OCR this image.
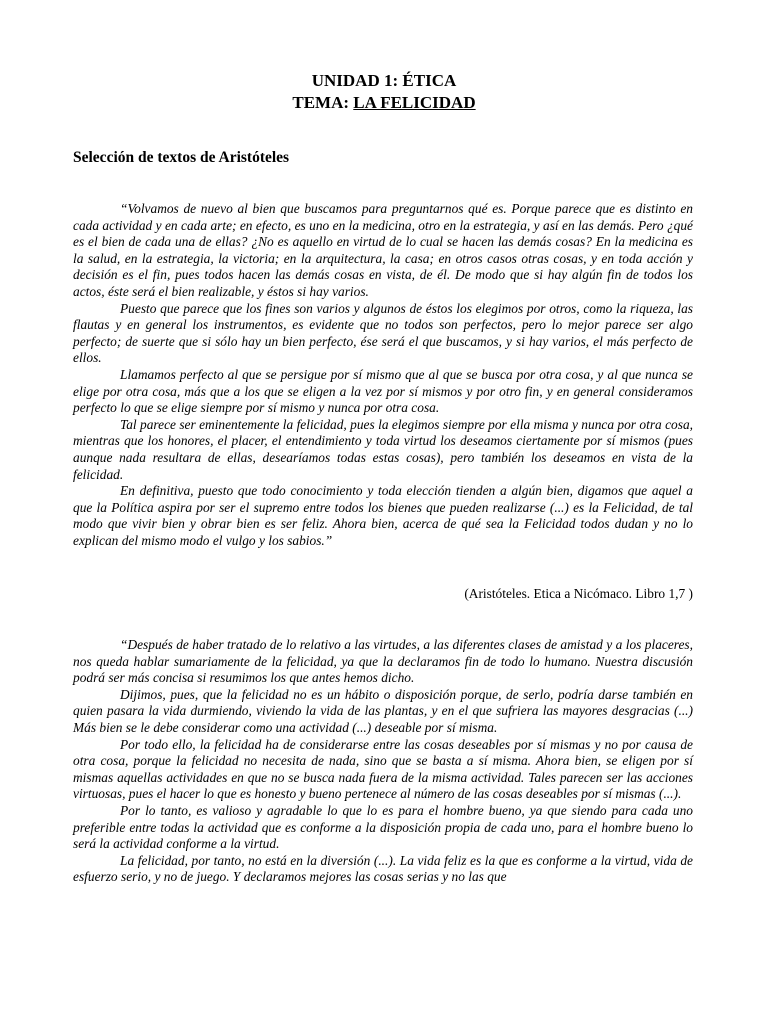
UNIDAD 1: ÉTICA
TEMA: LA FELICIDAD
Selección de textos de Aristóteles

“Volvamos de nuevo al bien que buscamos para preguntarnos qué es. Porque parece que es distinto en cada actividad y en cada arte; en efecto, es uno en la medicina, otro en la estrategia, y así en las demás. Pero ¿qué es el bien de cada una de ellas? ¿No es aquello en virtud de lo cual se hacen las demás cosas? En la medicina es la salud, en la estrategia, la victoria; en la arquitectura, la casa; en otros casos otras cosas, y en toda acción y decisión es el fin, pues todos hacen las demás cosas en vista, de él. De modo que si hay algún fin de todos los actos, éste será el bien realizable, y éstos si hay varios.

Puesto que parece que los fines son varios y algunos de éstos los elegimos por otros, como la riqueza, las flautas y en general los instrumentos, es evidente que no todos son perfectos, pero lo mejor parece ser algo perfecto; de suerte que si sólo hay un bien perfecto, ése será el que buscamos, y si hay varios, el más perfecto de ellos.

Llamamos perfecto al que se persigue por sí mismo que al que se busca por otra cosa, y al que nunca se elige por otra cosa, más que a los que se eligen a la vez por sí mismos y por otro fin, y en general consideramos perfecto lo que se elige siempre por sí mismo y nunca por otra cosa.

Tal parece ser eminentemente la felicidad, pues la elegimos siempre por ella misma y nunca por otra cosa, mientras que los honores, el placer, el entendimiento y toda virtud los deseamos ciertamente por sí mismos (pues aunque nada resultara de ellas, desearíamos todas estas cosas), pero también los deseamos en vista de la felicidad.

En definitiva, puesto que todo conocimiento y toda elección tienden a algún bien, digamos que aquel a que la Política aspira por ser el supremo entre todos los bienes que pueden realizarse (...) es la Felicidad, de tal modo que vivir bien y obrar bien es ser feliz. Ahora bien, acerca de qué sea la Felicidad todos dudan y no lo explican del mismo modo el vulgo y los sabios.”

(Aristóteles. Etica a Nicómaco. Libro 1,7 )

“Después de haber tratado de lo relativo a las virtudes, a las diferentes clases de amistad y a los placeres, nos queda hablar sumariamente de la felicidad, ya que la declaramos fin de todo lo humano. Nuestra discusión podrá ser más concisa si resumimos los que antes hemos dicho.

Dijimos, pues, que la felicidad no es un hábito o disposición porque, de serlo, podría darse también en quien pasara la vida durmiendo, viviendo la vida de las plantas, y en el que sufriera las mayores desgracias (...) Más bien se le debe considerar como una actividad (...) deseable por sí misma.

Por todo ello, la felicidad ha de considerarse entre las cosas deseables por sí mismas y no por causa de otra cosa, porque la felicidad no necesita de nada, sino que se basta a sí misma. Ahora bien, se eligen por sí mismas aquellas actividades en que no se busca nada fuera de la misma actividad. Tales parecen ser las acciones virtuosas, pues el hacer lo que es honesto y bueno pertenece al número de las cosas deseables por sí mismas (...).

Por lo tanto, es valioso y agradable lo que lo es para el hombre bueno, ya que siendo para cada uno preferible entre todas la actividad que es conforme a la disposición propia de cada uno, para el hombre bueno lo será la actividad conforme a la virtud.

La felicidad, por tanto, no está en la diversión (...). La vida feliz es la que es conforme a la virtud, vida de esfuerzo serio, y no de juego. Y declaramos mejores las cosas serias y no las que
